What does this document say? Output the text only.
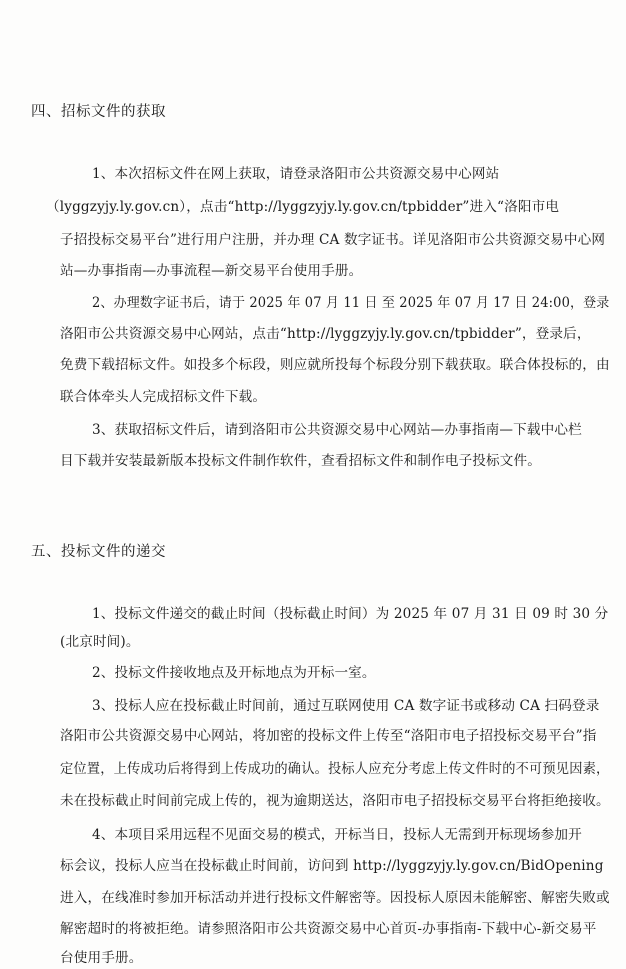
四、招标文件的获取
1、本次招标文件在网上获取，请登录洛阳市公共资源交易中心网站
（lyggzyjy.ly.gov.cn），点击“http://lyggzyjy.ly.gov.cn/tpbidder”进入“洛阳市电
子招投标交易平台”进行用户注册，并办理 CA 数字证书。详见洛阳市公共资源交易中心网
站—办事指南—办事流程—新交易平台使用手册。
2、办理数字证书后，请于 2025 年 07 月 11 日 至 2025 年 07 月 17 日 24:00，登录
洛阳市公共资源交易中心网站，点击“http://lyggzyjy.ly.gov.cn/tpbidder”，登录后，
免费下载招标文件。如投多个标段，则应就所投每个标段分别下载获取。联合体投标的，由
联合体牵头人完成招标文件下载。
3、获取招标文件后，请到洛阳市公共资源交易中心网站—办事指南—下载中心栏
目下载并安装最新版本投标文件制作软件，查看招标文件和制作电子投标文件。
五、投标文件的递交
1、投标文件递交的截止时间（投标截止时间）为 2025 年 07 月 31 日 09 时 30 分
(北京时间)。
2、投标文件接收地点及开标地点为开标一室。
3、投标人应在投标截止时间前，通过互联网使用 CA 数字证书或移动 CA 扫码登录
洛阳市公共资源交易中心网站，将加密的投标文件上传至“洛阳市电子招投标交易平台”指
定位置，上传成功后将得到上传成功的确认。投标人应充分考虑上传文件时的不可预见因素，
未在投标截止时间前完成上传的，视为逾期送达，洛阳市电子招投标交易平台将拒绝接收。
4、本项目采用远程不见面交易的模式，开标当日，投标人无需到开标现场参加开
标会议，投标人应当在投标截止时间前，访问到 http://lyggzyjy.ly.gov.cn/BidOpening
进入，在线准时参加开标活动并进行投标文件解密等。因投标人原因未能解密、解密失败或
解密超时的将被拒绝。请参照洛阳市公共资源交易中心首页-办事指南-下载中心-新交易平
台使用手册。
